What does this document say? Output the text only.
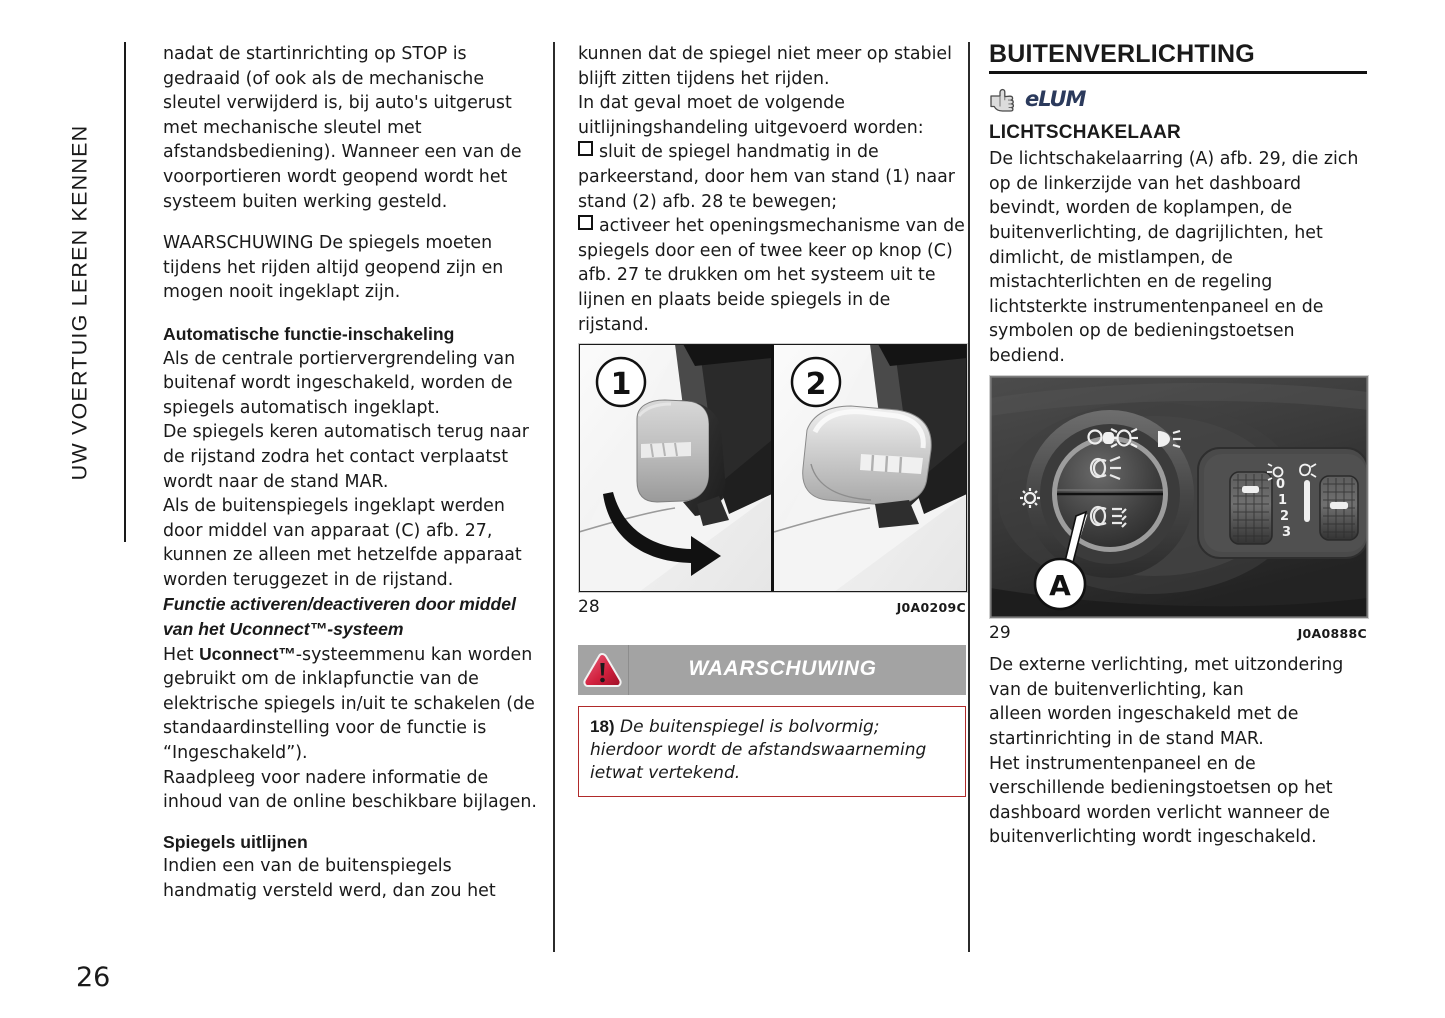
UW VOERTUIG LEREN KENNEN
26

nadat de startinrichting op STOP is gedraaid (of ook als de mechanische sleutel verwijderd is, bij auto's uitgerust met mechanische sleutel met afstandsbediening). Wanneer een van de voorportieren wordt geopend wordt het systeem buiten werking gesteld.

WAARSCHUWING De spiegels moeten tijdens het rijden altijd geopend zijn en mogen nooit ingeklapt zijn.

Automatische functie-inschakeling

Als de centrale portiervergrendeling van buitenaf wordt ingeschakeld, worden de spiegels automatisch ingeklapt.

De spiegels keren automatisch terug naar de rijstand zodra het contact verplaatst wordt naar de stand MAR.

Als de buitenspiegels ingeklapt werden door middel van apparaat (C) afb. 27, kunnen ze alleen met hetzelfde apparaat worden teruggezet in de rijstand.

Functie activeren/deactiveren door middel van het Uconnect™-systeem

Het Uconnect™-systeemmenu kan worden gebruikt om de inklapfunctie van de elektrische spiegels in/uit te schakelen (de standaardinstelling voor de functie is “Ingeschakeld”).

Raadpleeg voor nadere informatie de inhoud van de online beschikbare bijlagen.

Spiegels uitlijnen

Indien een van de buitenspiegels handmatig versteld werd, dan zou het

kunnen dat de spiegel niet meer op stabiel blijft zitten tijdens het rijden.

In dat geval moet de volgende uitlijningshandeling uitgevoerd worden:

sluit de spiegel handmatig in de parkeerstand, door hem van stand (1) naar stand (2) afb. 28 te bewegen;

activeer het openingsmechanisme van de spiegels door een of twee keer op knop (C) afb. 27 te drukken om het systeem uit te lijnen en plaats beide spiegels in de rijstand.

1	2
28	J0A0209C
WAARSCHUWING
18) De buitenspiegel is bolvormig; hierdoor wordt de afstandswaarneming ietwat vertekend.
BUITENVERLICHTING
eLUM
LICHTSCHAKELAAR

De lichtschakelaarring (A) afb. 29, die zich op de linkerzijde van het dashboard bevindt, worden de koplampen, de buitenverlichting, de dagrijlichten, het dimlicht, de mistlampen, de mistachterlichten en de regeling lichtsterkte instrumentenpaneel en de symbolen op de bedieningstoetsen bediend.

0
1
2
3
A
29	J0A0888C

De externe verlichting, met uitzondering van de buitenverlichting, kan

alleen worden ingeschakeld met de startinrichting in de stand MAR.

Het instrumentenpaneel en de verschillende bedieningstoetsen op het dashboard worden verlicht wanneer de buitenverlichting wordt ingeschakeld.
